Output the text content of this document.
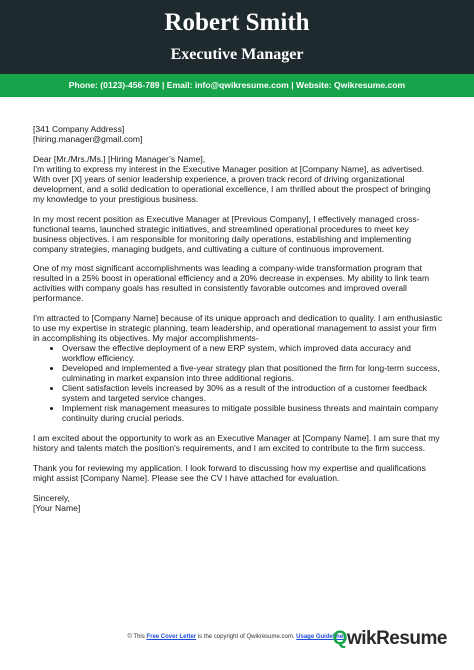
Robert Smith
Executive Manager
Phone: (0123)-456-789 | Email: info@qwikresume.com | Website: Qwikresume.com

[341 Company Address]

[hiring.manager@gmail.com]

Dear [Mr./Mrs./Ms.] [Hiring Manager’s Name],

I'm writing to express my interest in the Executive Manager position at [Company Name], as advertised. With over [X] years of senior leadership experience, a proven track record of driving organizational development, and a solid dedication to operational excellence, I am thrilled about the prospect of bringing my knowledge to your prestigious business.

In my most recent position as Executive Manager at [Previous Company], I effectively managed cross-functional teams, launched strategic initiatives, and streamlined operational procedures to meet key business objectives. I am responsible for monitoring daily operations, establishing and implementing company strategies, managing budgets, and cultivating a culture of continuous improvement.

One of my most significant accomplishments was leading a company-wide transformation program that resulted in a 25% boost in operational efficiency and a 20% decrease in expenses. My ability to link team activities with company goals has resulted in consistently favorable outcomes and improved overall performance.

I'm attracted to [Company Name] because of its unique approach and dedication to quality. I am enthusiastic to use my expertise in strategic planning, team leadership, and operational management to assist your firm in accomplishing its objectives. My major accomplishments-

• Oversaw the effective deployment of a new ERP system, which improved data accuracy and workflow efficiency.
• Developed and implemented a five-year strategy plan that positioned the firm for long-term success, culminating in market expansion into three additional regions.
• Client satisfaction levels increased by 30% as a result of the introduction of a customer feedback system and targeted service changes.
• Implement risk management measures to mitigate possible business threats and maintain company continuity during crucial periods.

I am excited about the opportunity to work as an Executive Manager at [Company Name]. I am sure that my history and talents match the position's requirements, and I am excited to contribute to the firm success.

Thank you for reviewing my application. I look forward to discussing how my expertise and qualifications might assist [Company Name]. Please see the CV I have attached for evaluation.

Sincerely,

[Your Name]

© This Free Cover Letter is the copyright of Qwikresume.com. Usage Guidelines
Q wikResume
